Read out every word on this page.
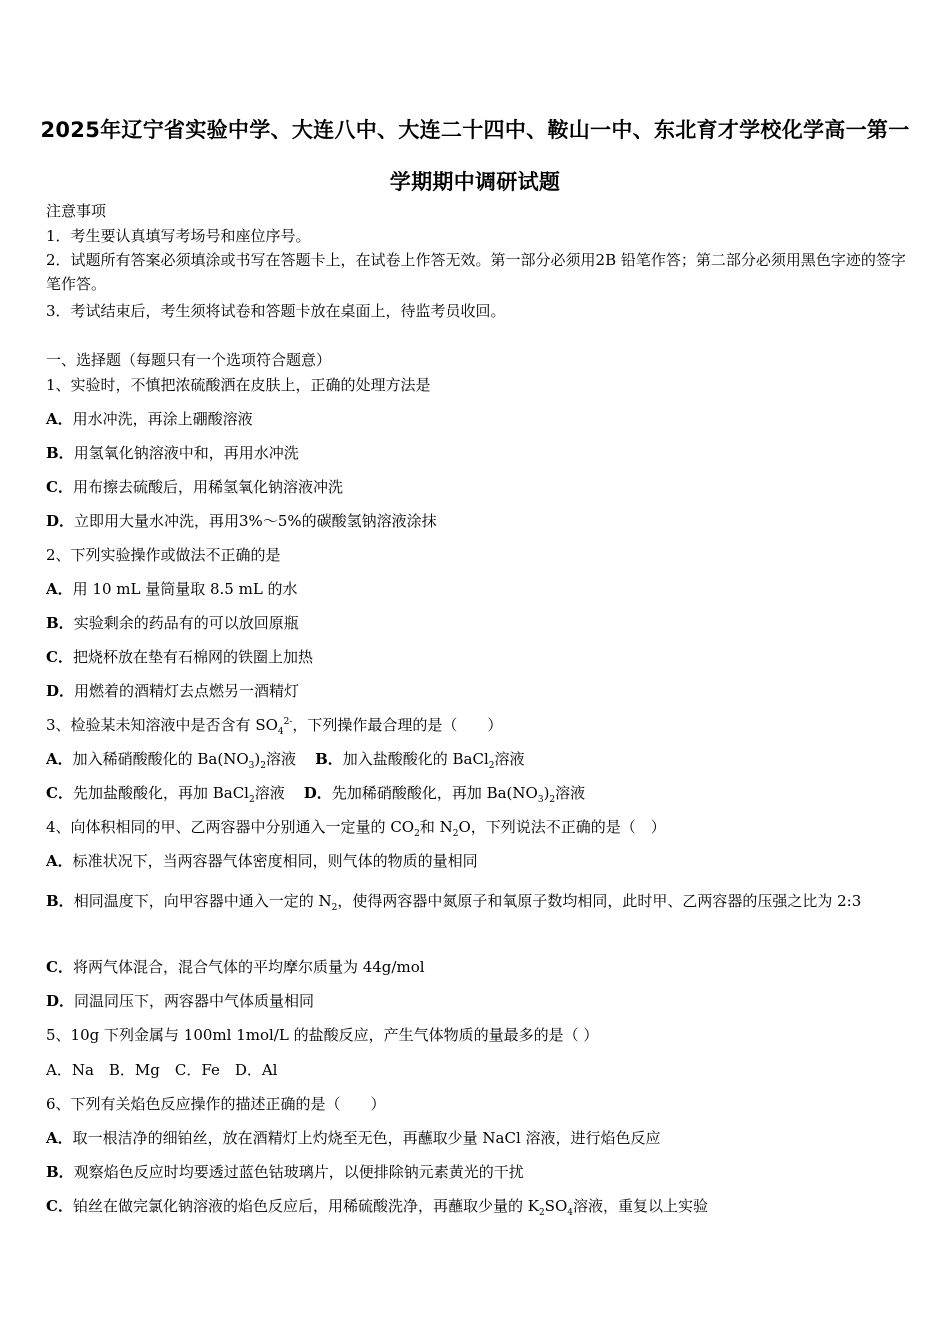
2025年辽宁省实验中学、大连八中、大连二十四中、鞍山一中、东北育才学校化学高一第一学期期中调研试题
注意事项
1．考生要认真填写考场号和座位序号。
2．试题所有答案必须填涂或书写在答题卡上，在试卷上作答无效。第一部分必须用2B 铅笔作答；第二部分必须用黑色字迹的签字笔作答。
3．考试结束后，考生须将试卷和答题卡放在桌面上，待监考员收回。
一、选择题（每题只有一个选项符合题意）
1、实验时，不慎把浓硫酸洒在皮肤上，正确的处理方法是
A．用水冲洗，再涂上硼酸溶液
B．用氢氧化钠溶液中和，再用水冲洗
C．用布擦去硫酸后，用稀氢氧化钠溶液冲洗
D．立即用大量水冲洗，再用3%～5%的碳酸氢钠溶液涂抹
2、下列实验操作或做法不正确的是
A．用 10 mL 量筒量取 8.5 mL 的水
B．实验剩余的药品有的可以放回原瓶
C．把烧杯放在垫有石棉网的铁圈上加热
D．用燃着的酒精灯去点燃另一酒精灯
3、检验某未知溶液中是否含有 $SO_4^{2-}$，下列操作最合理的是（　　）
A．加入稀硝酸酸化的 $Ba(NO_3)_2$溶液 B．加入盐酸酸化的 BaCl$_2$溶液
C．先加盐酸酸化，再加 BaCl$_2$溶液 D．先加稀硝酸酸化，再加 $Ba(NO_3)_2$溶液
4、向体积相同的甲、乙两容器中分别通入一定量的 $CO_2$和 $N_2O$，下列说法不正确的是（　）
A．标准状况下，当两容器气体密度相同，则气体的物质的量相同
B．相同温度下，向甲容器中通入一定的 $N_2$，使得两容器中氮原子和氧原子数均相同，此时甲、乙两容器的压强之比为 2:3
C．将两气体混合，混合气体的平均摩尔质量为 44g/mol
D．同温同压下，两容器中气体质量相同
5、10g 下列金属与 100ml 1mol/L 的盐酸反应，产生气体物质的量最多的是（ ）
A．Na　B．Mg　C．Fe　D．Al
6、下列有关焰色反应操作的描述正确的是（　　）
A．取一根洁净的细铂丝，放在酒精灯上灼烧至无色，再蘸取少量 NaCl 溶液，进行焰色反应
B．观察焰色反应时均要透过蓝色钴玻璃片，以便排除钠元素黄光的干扰
C．铂丝在做完氯化钠溶液的焰色反应后，用稀硫酸洗净，再蘸取少量的 $K_2SO_4$溶液，重复以上实验
